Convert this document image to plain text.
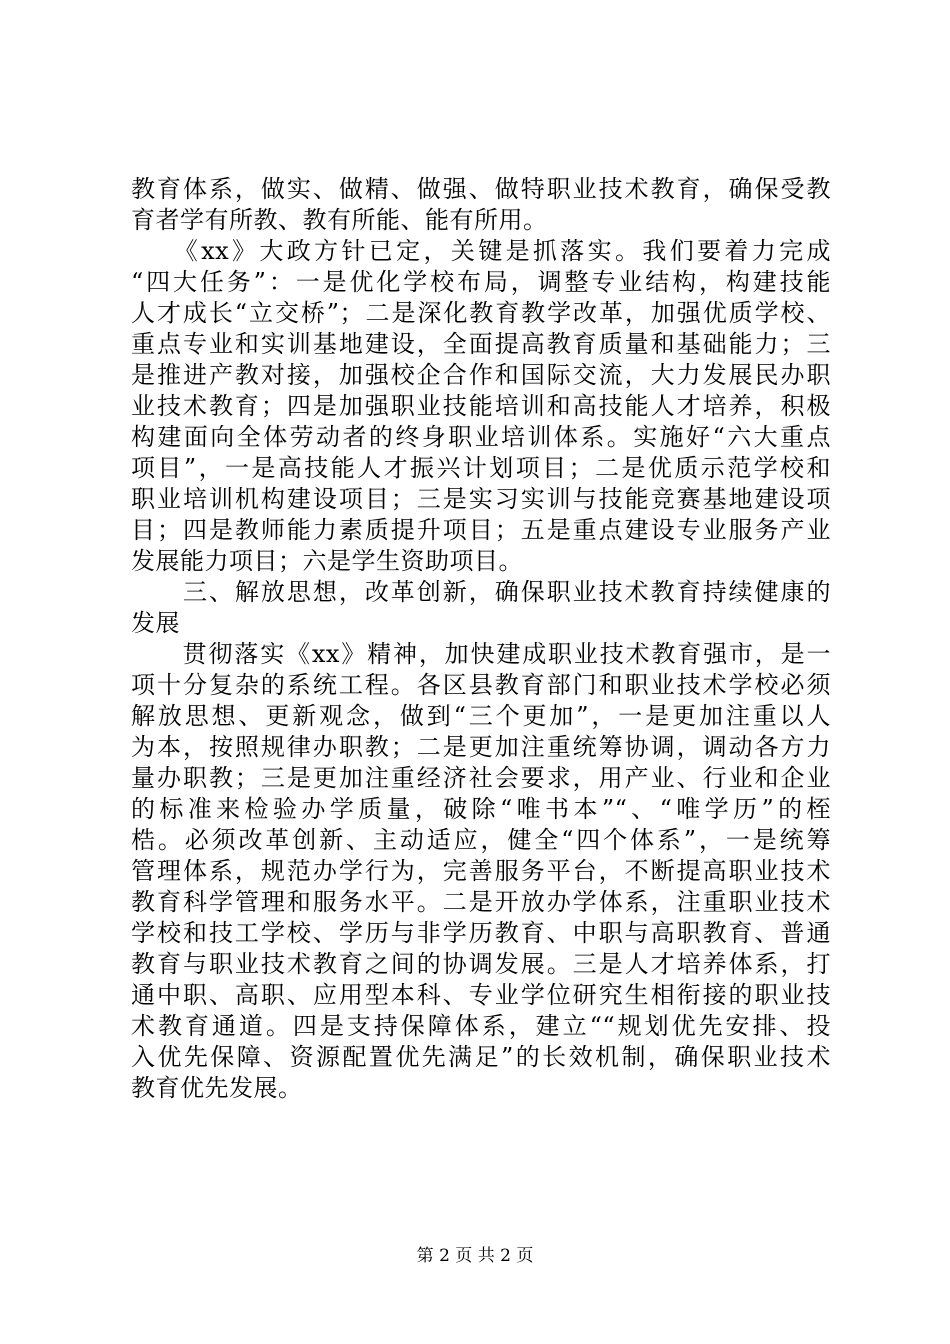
教育体系，做实、做精、做强、做特职业技术教育，确保受教
育者学有所教、教有所能、能有所用。
　　《xx》大政方针已定，关键是抓落实。我们要着力完成
“四大任务”：一是优化学校布局，调整专业结构，构建技能
人才成长“立交桥”；二是深化教育教学改革，加强优质学校、
重点专业和实训基地建设，全面提高教育质量和基础能力；三
是推进产教对接，加强校企合作和国际交流，大力发展民办职
业技术教育；四是加强职业技能培训和高技能人才培养，积极
构建面向全体劳动者的终身职业培训体系。实施好“六大重点
项目”，一是高技能人才振兴计划项目；二是优质示范学校和
职业培训机构建设项目；三是实习实训与技能竞赛基地建设项
目；四是教师能力素质提升项目；五是重点建设专业服务产业
发展能力项目；六是学生资助项目。
　　三、解放思想，改革创新，确保职业技术教育持续健康的
发展
　　贯彻落实《xx》精神，加快建成职业技术教育强市，是一
项十分复杂的系统工程。各区县教育部门和职业技术学校必须
解放思想、更新观念，做到“三个更加”，一是更加注重以人
为本，按照规律办职教；二是更加注重统筹协调，调动各方力
量办职教；三是更加注重经济社会要求，用产业、行业和企业
的标准来检验办学质量，破除“唯书本”“、“唯学历”的桎
梏。必须改革创新、主动适应，健全“四个体系”，一是统筹
管理体系，规范办学行为，完善服务平台，不断提高职业技术
教育科学管理和服务水平。二是开放办学体系，注重职业技术
学校和技工学校、学历与非学历教育、中职与高职教育、普通
教育与职业技术教育之间的协调发展。三是人才培养体系，打
通中职、高职、应用型本科、专业学位研究生相衔接的职业技
术教育通道。四是支持保障体系，建立““规划优先安排、投
入优先保障、资源配置优先满足”的长效机制，确保职业技术
教育优先发展。
第 2 页 共 2 页
